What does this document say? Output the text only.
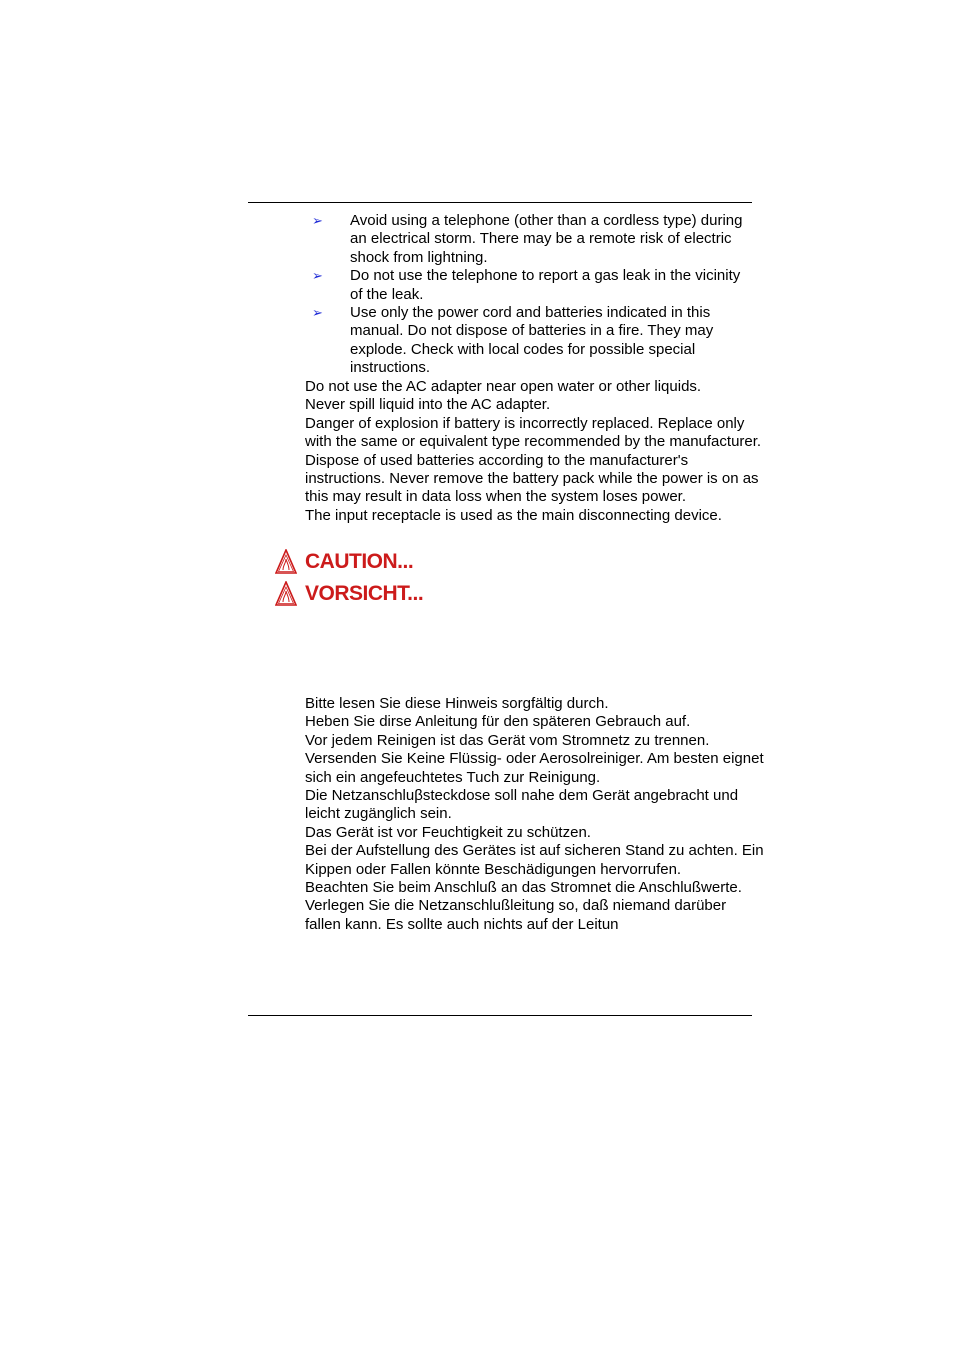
➢ Avoid using a telephone (other than a cordless type) during an electrical storm. There may be a remote risk of electric shock from lightning.
➢ Do not use the telephone to report a gas leak in the vicinity of the leak.
➢ Use only the power cord and batteries indicated in this manual. Do not dispose of batteries in a fire. They may explode. Check with local codes for possible special instructions.

Do not use the AC adapter near open water or other liquids.

Never spill liquid into the AC adapter.

Danger of explosion if battery is incorrectly replaced. Replace only with the same or equivalent type recommended by the manufacturer. Dispose of used batteries according to the manufacturer's instructions. Never remove the battery pack while the power is on as this may result in data loss when the system loses power.

The input receptacle is used as the main disconnecting device.

CAUTION...
VORSICHT...

Bitte lesen Sie diese Hinweis sorgfältig durch.

Heben Sie dirse Anleitung für den späteren Gebrauch auf.

Vor jedem Reinigen ist das Gerät vom Stromnetz zu trennen.

Versenden Sie Keine Flüssig- oder Aerosolreiniger. Am besten eignet sich ein angefeuchtetes Tuch zur Reinigung.

Die Netzanschluβsteckdose soll nahe dem Gerät angebracht und leicht zugänglich sein.

Das Gerät ist vor Feuchtigkeit zu schützen.

Bei der Aufstellung des Gerätes ist auf sicheren Stand zu achten. Ein Kippen oder Fallen könnte Beschädigungen hervorrufen.

Beachten Sie beim Anschluß an das Stromnet die Anschlußwerte.

Verlegen Sie die Netzanschlußleitung so, daß niemand darüber fallen kann. Es sollte auch nichts auf der Leitun
